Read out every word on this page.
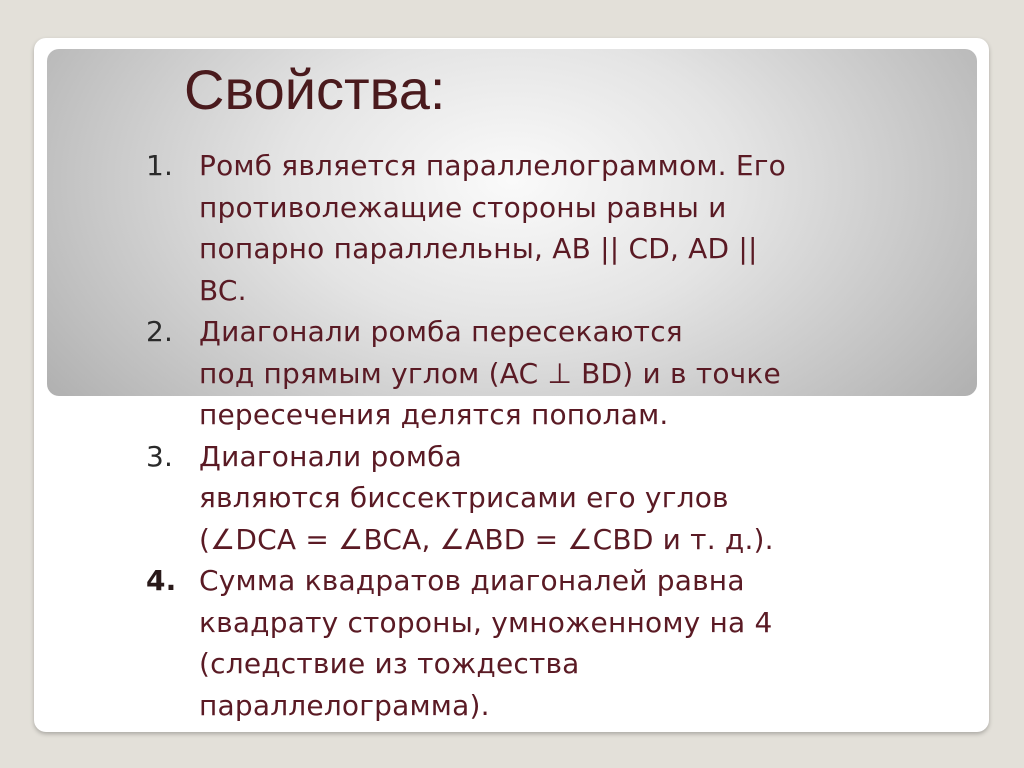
Свойства:
1. Ромб является параллелограммом. Его
противолежащие стороны равны и
попарно параллельны, AB || CD, AD ||
BC.
2. Диагонали ромба пересекаются
под прямым углом (AC ⊥ BD) и в точке
пересечения делятся пополам.
3. Диагонали ромба
являются биссектрисами его углов
(∠DCA = ∠BCA, ∠ABD = ∠CBD и т. д.).
4. Сумма квадратов диагоналей равна
квадрату стороны, умноженному на 4
(следствие из тождества
параллелограмма).
